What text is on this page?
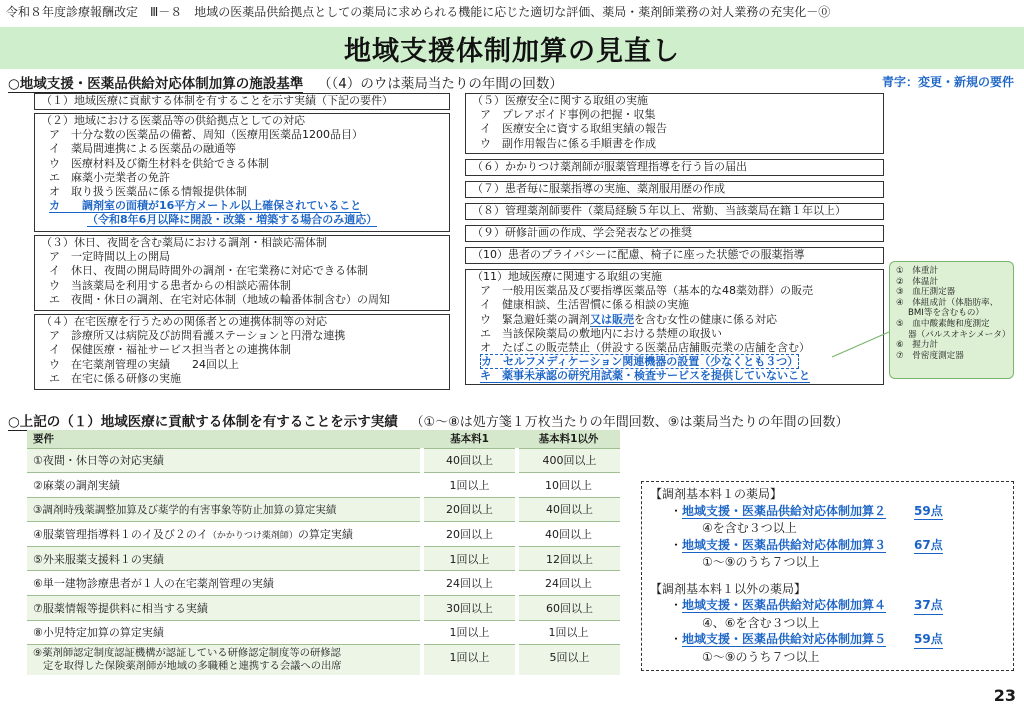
令和８年度診療報酬改定　Ⅲ－８　地域の医薬品供給拠点としての薬局に求められる機能に応じた適切な評価、薬局・薬剤師業務の対人業務の充実化－⓪
地域支援体制加算の見直し
○地域支援・医薬品供給対応体制加算の施設基準 （（4）のウは薬局当たりの年間の回数）	青字：変更・新規の要件
（１）地域医療に貢献する体制を有することを示す実績（下記の要件）
（２）地域における医薬品等の供給拠点としての対応
ア　十分な数の医薬品の備蓄、周知（医療用医薬品1200品目）
イ　薬局間連携による医薬品の融通等
ウ　医療材料及び衛生材料を供給できる体制
エ　麻薬小売業者の免許
オ　取り扱う医薬品に係る情報提供体制
カ　　調剤室の面積が16平方メートル以上確保されていること
（令和8年6月以降に開設・改築・増築する場合のみ適応）
（３）休日、夜間を含む薬局における調剤・相談応需体制
ア　一定時間以上の開局
イ　休日、夜間の開局時間外の調剤・在宅業務に対応できる体制
ウ　当該薬局を利用する患者からの相談応需体制
エ　夜間・休日の調剤、在宅対応体制（地域の輪番体制含む）の周知
（４）在宅医療を行うための関係者との連携体制等の対応
ア　診療所又は病院及び訪問看護ステーションと円滑な連携
イ　保健医療・福祉サービス担当者との連携体制
ウ　在宅薬剤管理の実績　　24回以上
エ　在宅に係る研修の実施
（５）医療安全に関する取組の実施
ア　プレアボイド事例の把握・収集
イ　医療安全に資する取組実績の報告
ウ　副作用報告に係る手順書を作成
（６）かかりつけ薬剤師が服薬管理指導を行う旨の届出
（７）患者毎に服薬指導の実施、薬剤服用歴の作成
（８）管理薬剤師要件（薬局経験５年以上、常勤、当該薬局在籍１年以上）
（９）研修計画の作成、学会発表などの推奨
（10）患者のプライバシーに配慮、椅子に座った状態での服薬指導
（11）地域医療に関連する取組の実施
ア　一般用医薬品及び要指導医薬品等（基本的な48薬効群）の販売
イ　健康相談、生活習慣に係る相談の実施
ウ　緊急避妊薬の調剤又は販売を含む女性の健康に係る対応
エ　当該保険薬局の敷地内における禁煙の取扱い
オ　たばこの販売禁止（併設する医薬品店舗販売業の店舗を含む）
カ　セルフメディケーション関連機器の設置（少なくとも３つ）
キ　薬事未承認の研究用試薬・検査サービスを提供していないこと
①　体重計
②　体温計
③　血圧測定器
④　体組成計（体脂肪率、
BMI等を含むもの）
⑤　血中酸素飽和度測定
器（パルスオキシメータ）
⑥　握力計
⑦　骨密度測定器
○上記の（１）地域医療に貢献する体制を有することを示す実績 （①～⑧は処方箋１万枚当たりの年間回数、⑨は薬局当たりの年間の回数）
要件	基本料1	基本料1以外
①夜間・休日等の対応実績	40回以上	400回以上
②麻薬の調剤実績	1回以上	10回以上
③調剤時残薬調整加算及び薬学的有害事象等防止加算の算定実績	20回以上	40回以上
④服薬管理指導料１のイ及び２のイ（かかりつけ薬剤師）の算定実績	20回以上	40回以上
⑤外来服薬支援料１の実績	1回以上	12回以上
⑥単一建物診療患者が１人の在宅薬剤管理の実績	24回以上	24回以上
⑦服薬情報等提供料に相当する実績	30回以上	60回以上
⑧小児特定加算の算定実績	1回以上	1回以上

⑨薬剤師認定制度認証機構が認証している研修認定制度等の研修認
定を取得した保険薬剤師が地域の多職種と連携する会議への出席	1回以上	5回以上
【調剤基本料１の薬局】
・地域支援・医薬品供給対応体制加算２ 59点
④を含む３つ以上
・地域支援・医薬品供給対応体制加算３ 67点
①～⑨のうち７つ以上
【調剤基本料１以外の薬局】
・地域支援・医薬品供給対応体制加算４ 37点
④、⑥を含む３つ以上
・地域支援・医薬品供給対応体制加算５ 59点
①～⑨のうち７つ以上
23
